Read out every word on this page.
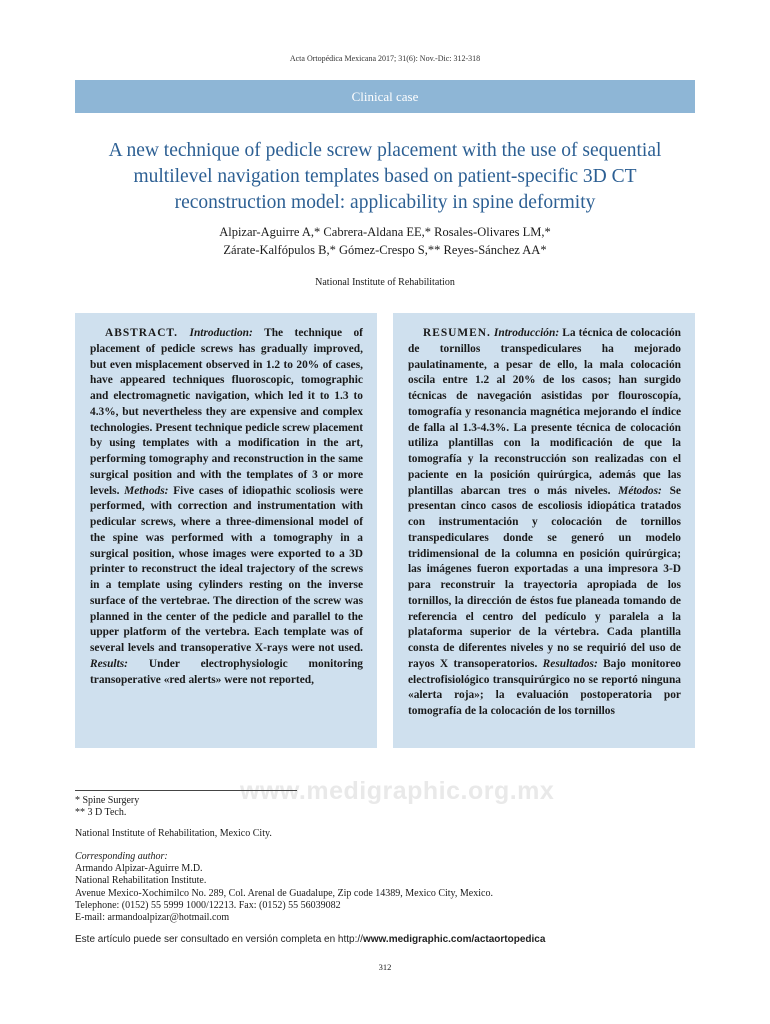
Acta Ortopédica Mexicana 2017; 31(6): Nov.-Dic: 312-318
Clinical case
A new technique of pedicle screw placement with the use of sequential multilevel navigation templates based on patient-specific 3D CT reconstruction model: applicability in spine deformity
Alpizar-Aguirre A,* Cabrera-Aldana EE,* Rosales-Olivares LM,*
Zárate-Kalfópulos B,* Gómez-Crespo S,** Reyes-Sánchez AA*
National Institute of Rehabilitation

ABSTRACT. Introduction: The technique of placement of pedicle screws has gradually improved, but even misplacement observed in 1.2 to 20% of cases, have appeared techniques fluoroscopic, tomographic and electromagnetic navigation, which led it to 1.3 to 4.3%, but nevertheless they are expensive and complex technologies. Present technique pedicle screw placement by using templates with a modification in the art, performing tomography and reconstruction in the same surgical position and with the templates of 3 or more levels. Methods: Five cases of idiopathic scoliosis were performed, with correction and instrumentation with pedicular screws, where a three-dimensional model of the spine was performed with a tomography in a surgical position, whose images were exported to a 3D printer to reconstruct the ideal trajectory of the screws in a template using cylinders resting on the inverse surface of the vertebrae. The direction of the screw was planned in the center of the pedicle and parallel to the upper platform of the vertebra. Each template was of several levels and transoperative X-rays were not used. Results: Under electrophysiologic monitoring transoperative «red alerts» were not reported,

RESUMEN. Introducción: La técnica de colocación de tornillos transpediculares ha mejorado paulatinamente, a pesar de ello, la mala colocación oscila entre 1.2 al 20% de los casos; han surgido técnicas de navegación asistidas por flouroscopía, tomografía y resonancia magnética mejorando el índice de falla al 1.3-4.3%. La presente técnica de colocación utiliza plantillas con la modificación de que la tomografía y la reconstrucción son realizadas con el paciente en la posición quirúrgica, además que las plantillas abarcan tres o más niveles. Métodos: Se presentan cinco casos de escoliosis idiopática tratados con instrumentación y colocación de tornillos transpediculares donde se generó un modelo tridimensional de la columna en posición quirúrgica; las imágenes fueron exportadas a una impresora 3-D para reconstruir la trayectoria apropiada de los tornillos, la dirección de éstos fue planeada tomando de referencia el centro del pedículo y paralela a la plataforma superior de la vértebra. Cada plantilla consta de diferentes niveles y no se requirió del uso de rayos X transoperatorios. Resultados: Bajo monitoreo electrofisiológico transquirúrgico no se reportó ninguna «alerta roja»; la evaluación postoperatoria por tomografía de la colocación de los tornillos

www.medigraphic.org.mx
* Spine Surgery
** 3 D Tech.
National Institute of Rehabilitation, Mexico City.
Corresponding author:
Armando Alpizar-Aguirre M.D.
National Rehabilitation Institute.
Avenue Mexico-Xochimilco No. 289, Col. Arenal de Guadalupe, Zip code 14389, Mexico City, Mexico.
Telephone: (0152) 55 5999 1000/12213. Fax: (0152) 55 56039082
E-mail: armandoalpizar@hotmail.com
Este artículo puede ser consultado en versión completa en http://www.medigraphic.com/actaortopedica
312
